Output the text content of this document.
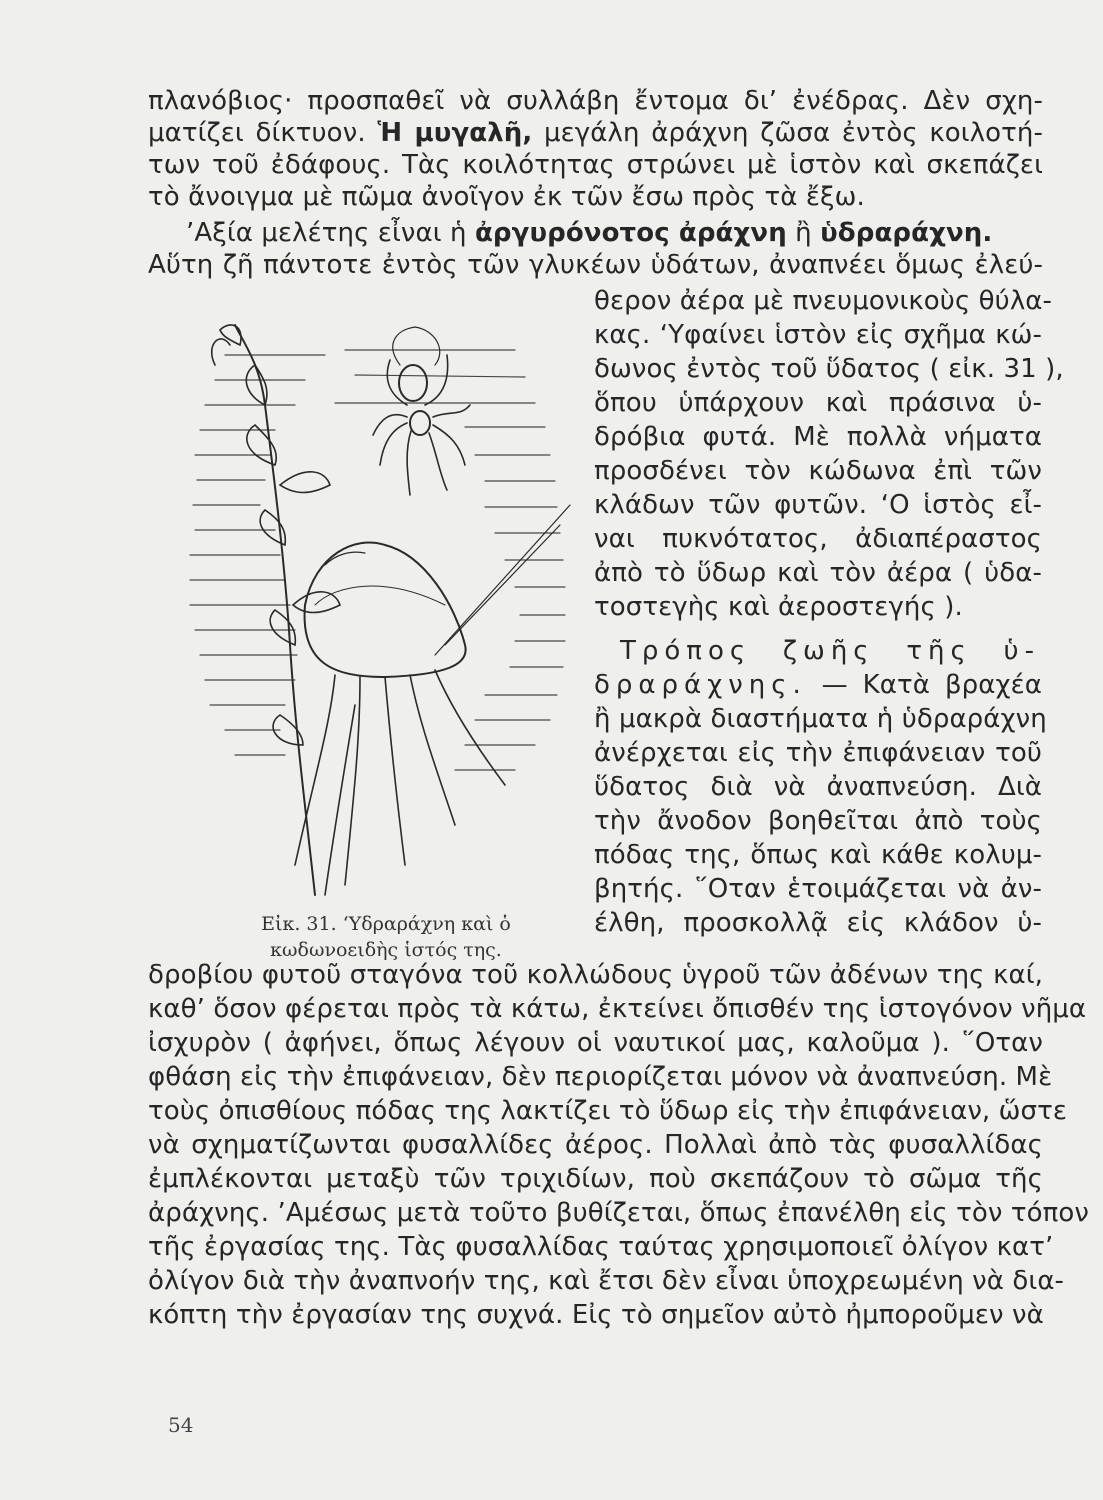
πλανόβιος· προσπαθεῖ νὰ συλλάβη ἔντομα δι’ ἐνέδρας. Δὲν σχη-
ματίζει δίκτυον. Ἡ μυγαλῆ, μεγάλη ἀράχνη ζῶσα ἐντὸς κοιλοτή-
των τοῦ ἐδάφους. Τὰς κοιλότητας στρώνει μὲ ἱστὸν καὶ σκεπάζει
τὸ ἄνοιγμα μὲ πῶμα ἀνοῖγον ἐκ τῶν ἔσω πρὸς τὰ ἔξω.
’Αξία μελέτης εἶναι ἡ ἀργυρόνοτος ἀράχνη ἢ ὑδραράχνη.
Αὕτη ζῆ πάντοτε ἐντὸς τῶν γλυκέων ὑδάτων, ἀναπνέει ὅμως ἐλεύ-
θερον ἀέρα μὲ πνευμονικοὺς θύλα-
κας. ‘Υφαίνει ἱστὸν εἰς σχῆμα κώ-
δωνος ἐντὸς τοῦ ὕδατος ( εἰκ. 31 ),
ὅπου ὑπάρχουν καὶ πράσινα ὑ-
δρόβια φυτά. Μὲ πολλὰ νήματα
προσδένει τὸν κώδωνα ἐπὶ τῶν
κλάδων τῶν φυτῶν. ‘Ο ἱστὸς εἶ-
ναι πυκνότατος, ἀδιαπέραστος
ἀπὸ τὸ ὕδωρ καὶ τὸν ἀέρα ( ὑδα-
τοστεγὴς καὶ ἀεροστεγής ).
Τρόπος ζωῆς τῆς ὑ-
δραράχνης. — Κατὰ βραχέα
ἢ μακρὰ διαστήματα ἡ ὑδραράχνη
ἀνέρχεται εἰς τὴν ἐπιφάνειαν τοῦ
ὕδατος διὰ νὰ ἀναπνεύση. Διὰ
τὴν ἄνοδον βοηθεῖται ἀπὸ τοὺς
πόδας της, ὅπως καὶ κάθε κολυμ-
βητής. ῞Οταν ἑτοιμάζεται νὰ ἀν-
έλθη, προσκολλᾷ εἰς κλάδον ὑ-
δροβίου φυτοῦ σταγόνα τοῦ κολλώδους ὑγροῦ τῶν ἀδένων της καί,
καθ’ ὅσον φέρεται πρὸς τὰ κάτω, ἐκτείνει ὄπισθέν της ἱστογόνον νῆμα
ἰσχυρὸν ( ἀφήνει, ὅπως λέγουν οἱ ναυτικοί μας, καλοῦμα ). ῞Οταν
φθάση εἰς τὴν ἐπιφάνειαν, δὲν περιορίζεται μόνον νὰ ἀναπνεύση. Μὲ
τοὺς ὀπισθίους πόδας της λακτίζει τὸ ὕδωρ εἰς τὴν ἐπιφάνειαν, ὥστε
νὰ σχηματίζωνται φυσαλλίδες ἀέρος. Πολλαὶ ἀπὸ τὰς φυσαλλίδας
ἐμπλέκονται μεταξὺ τῶν τριχιδίων, ποὺ σκεπάζουν τὸ σῶμα τῆς
ἀράχνης. ’Αμέσως μετὰ τοῦτο βυθίζεται, ὅπως ἐπανέλθη εἰς τὸν τόπον
τῆς ἐργασίας της. Τὰς φυσαλλίδας ταύτας χρησιμοποιεῖ ὀλίγον κατ’
ὀλίγον διὰ τὴν ἀναπνοήν της, καὶ ἔτσι δὲν εἶναι ὑποχρεωμένη νὰ δια-
κόπτη τὴν ἐργασίαν της συχνά. Εἰς τὸ σημεῖον αὐτὸ ἠμποροῦμεν νὰ
Εἰκ. 31. ‘Υδραράχνη καὶ ὁ
κωδωνοειδὴς ἱστός της.
54
